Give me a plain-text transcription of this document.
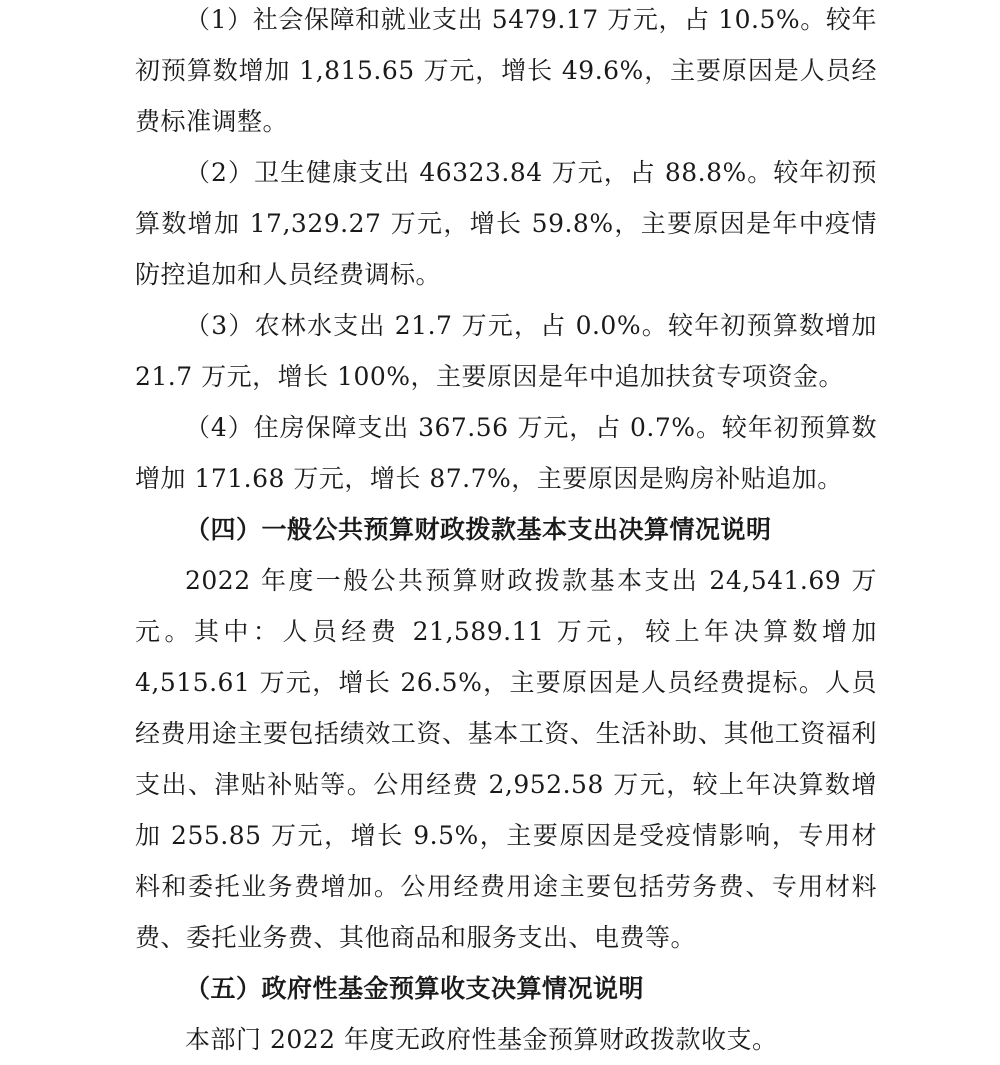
（1）社会保障和就业支出 5479.17 万元，占 10.5%。较年初预算数增加 1,815.65 万元，增长 49.6%，主要原因是人员经费标准调整。

（2）卫生健康支出 46323.84 万元，占 88.8%。较年初预算数增加 17,329.27 万元，增长 59.8%，主要原因是年中疫情防控追加和人员经费调标。

（3）农林水支出 21.7 万元，占 0.0%。较年初预算数增加 21.7 万元，增长 100%，主要原因是年中追加扶贫专项资金。

（4）住房保障支出 367.56 万元，占 0.7%。较年初预算数增加 171.68 万元，增长 87.7%，主要原因是购房补贴追加。

（四）一般公共预算财政拨款基本支出决算情况说明

2022 年度一般公共预算财政拨款基本支出 24,541.69 万元。其中：人员经费 21,589.11 万元，较上年决算数增加 4,515.61 万元，增长 26.5%，主要原因是人员经费提标。人员经费用途主要包括绩效工资、基本工资、生活补助、其他工资福利支出、津贴补贴等。公用经费 2,952.58 万元，较上年决算数增加 255.85 万元，增长 9.5%，主要原因是受疫情影响，专用材料和委托业务费增加。公用经费用途主要包括劳务费、专用材料费、委托业务费、其他商品和服务支出、电费等。

（五）政府性基金预算收支决算情况说明

本部门 2022 年度无政府性基金预算财政拨款收支。
